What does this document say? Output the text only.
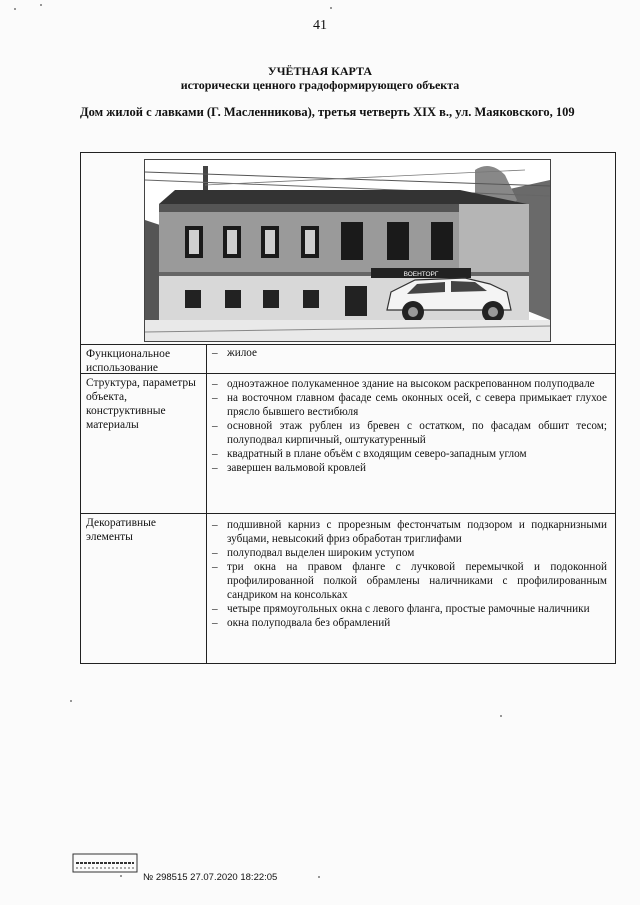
41
УЧЁТНАЯ КАРТА
исторически ценного градоформирующего объекта
Дом жилой с лавками (Г. Масленникова), третья четверть XIX в., ул. Маяковского, 109
ВОЕНТОРГ
Функциональное использование
– жилое
Структура, параметры объекта, конструктивные материалы
– одноэтажное полукаменное здание на высоком раскрепованном полуподвале
– на восточном главном фасаде семь оконных осей, с севера примыкает глухое прясло бывшего вестибюля
– основной этаж рублен из бревен с остатком, по фасадам обшит тесом; полуподвал кирпичный, оштукатуренный
– квадратный в плане объём с входящим северо-западным углом
– завершен вальмовой кровлей
Декоративные элементы
– подшивной карниз с прорезным фестончатым подзором и подкарнизными зубцами, невысокий фриз обработан триглифами
– полуподвал выделен широким уступом
– три окна на правом фланге с лучковой перемычкой и подоконной профилированной полкой обрамлены наличниками с профилированным сандриком на консольках
– четыре прямоугольных окна с левого фланга, простые рамочные наличники
– окна полуподвала без обрамлений
№ 298515 27.07.2020 18:22:05
